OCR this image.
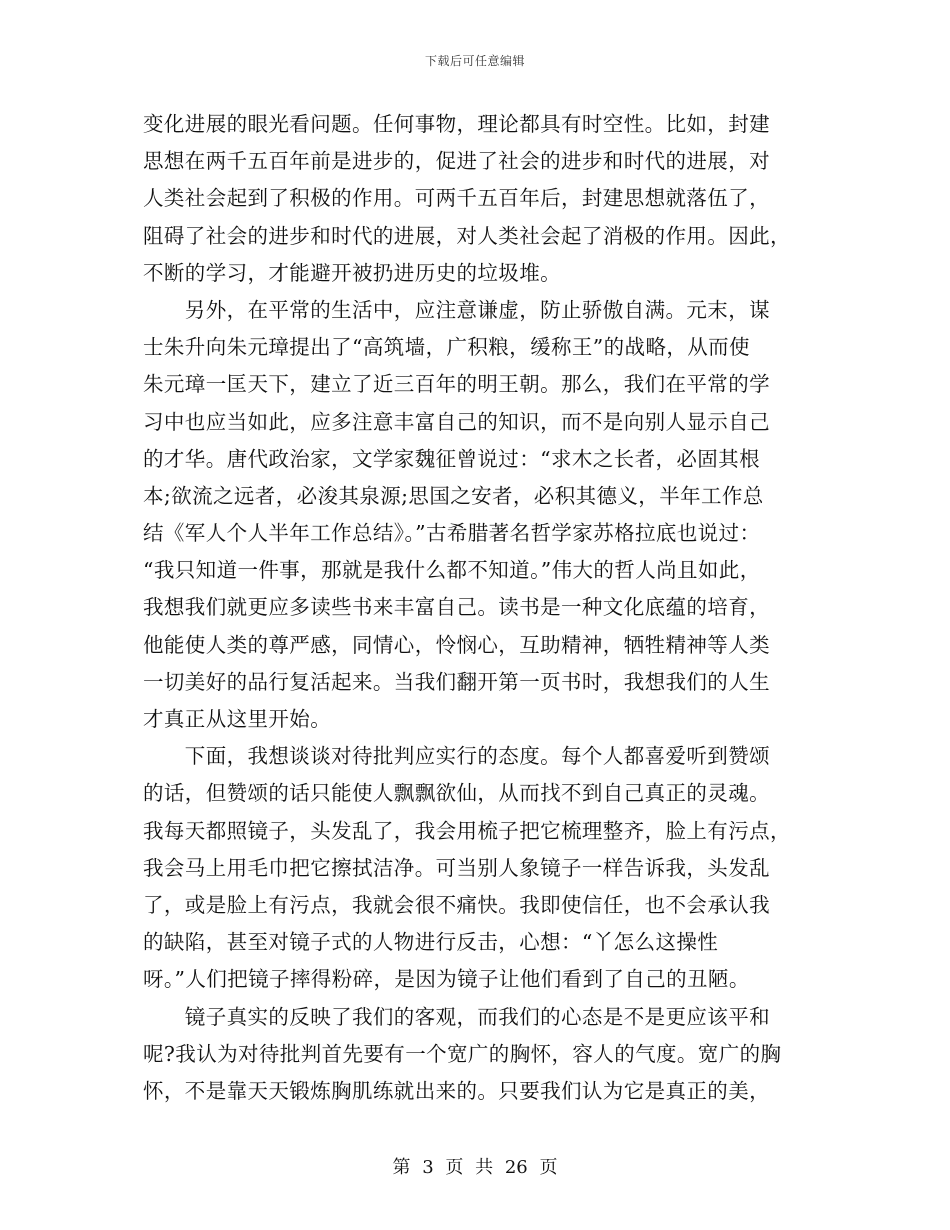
下载后可任意编辑
变化进展的眼光看问题。任何事物，理论都具有时空性。比如，封建
思想在两千五百年前是进步的，促进了社会的进步和时代的进展，对
人类社会起到了积极的作用。可两千五百年后，封建思想就落伍了，
阻碍了社会的进步和时代的进展，对人类社会起了消极的作用。因此，
不断的学习，才能避开被扔进历史的垃圾堆。
　　另外，在平常的生活中，应注意谦虚，防止骄傲自满。元末，谋
士朱升向朱元璋提出了“高筑墙，广积粮，缓称王”的战略，从而使
朱元璋一匡天下，建立了近三百年的明王朝。那么，我们在平常的学
习中也应当如此，应多注意丰富自己的知识，而不是向别人显示自己
的才华。唐代政治家，文学家魏征曾说过：“求木之长者，必固其根
本;欲流之远者，必浚其泉源;思国之安者，必积其德义，半年工作总
结《军人个人半年工作总结》。”古希腊著名哲学家苏格拉底也说过：
“我只知道一件事，那就是我什么都不知道。”伟大的哲人尚且如此，
我想我们就更应多读些书来丰富自己。读书是一种文化底蕴的培育，
他能使人类的尊严感，同情心，怜悯心，互助精神，牺牲精神等人类
一切美好的品行复活起来。当我们翻开第一页书时，我想我们的人生
才真正从这里开始。
　　下面，我想谈谈对待批判应实行的态度。每个人都喜爱听到赞颂
的话，但赞颂的话只能使人飘飘欲仙，从而找不到自己真正的灵魂。
我每天都照镜子，头发乱了，我会用梳子把它梳理整齐，脸上有污点，
我会马上用毛巾把它擦拭洁净。可当别人象镜子一样告诉我，头发乱
了，或是脸上有污点，我就会很不痛快。我即使信任，也不会承认我
的缺陷，甚至对镜子式的人物进行反击，心想：“丫怎么这操性
呀。”人们把镜子摔得粉碎，是因为镜子让他们看到了自己的丑陋。
　　镜子真实的反映了我们的客观，而我们的心态是不是更应该平和
呢?我认为对待批判首先要有一个宽广的胸怀，容人的气度。宽广的胸
怀，不是靠天天锻炼胸肌练就出来的。只要我们认为它是真正的美，
第 3 页 共 26 页
